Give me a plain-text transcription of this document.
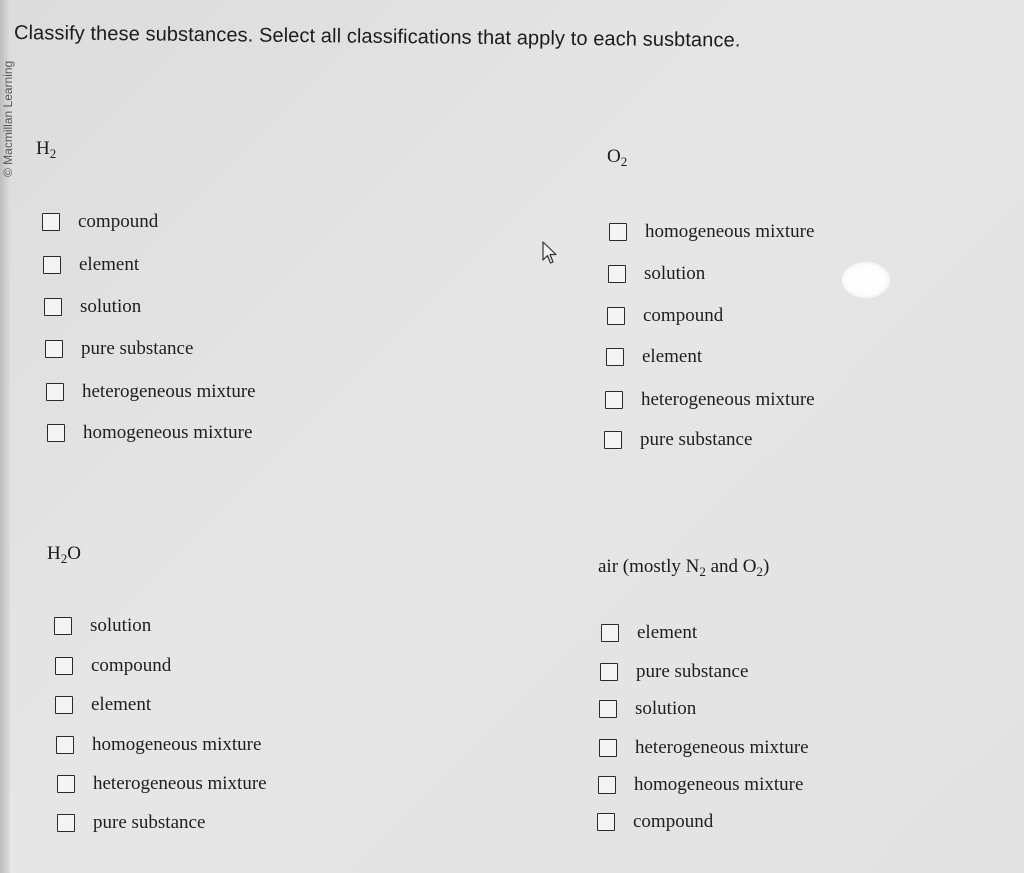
© Macmillan Learning
Classify these substances. Select all classifications that apply to each susbtance.
$H_2$
compound
element
solution
pure substance
heterogeneous mixture
homogeneous mixture
$O_2$
homogeneous mixture
solution
compound
element
heterogeneous mixture
pure substance
$H_2O$
solution
compound
element
homogeneous mixture
heterogeneous mixture
pure substance
air (mostly $N_2$ and $O_2$)
element
pure substance
solution
heterogeneous mixture
homogeneous mixture
compound
